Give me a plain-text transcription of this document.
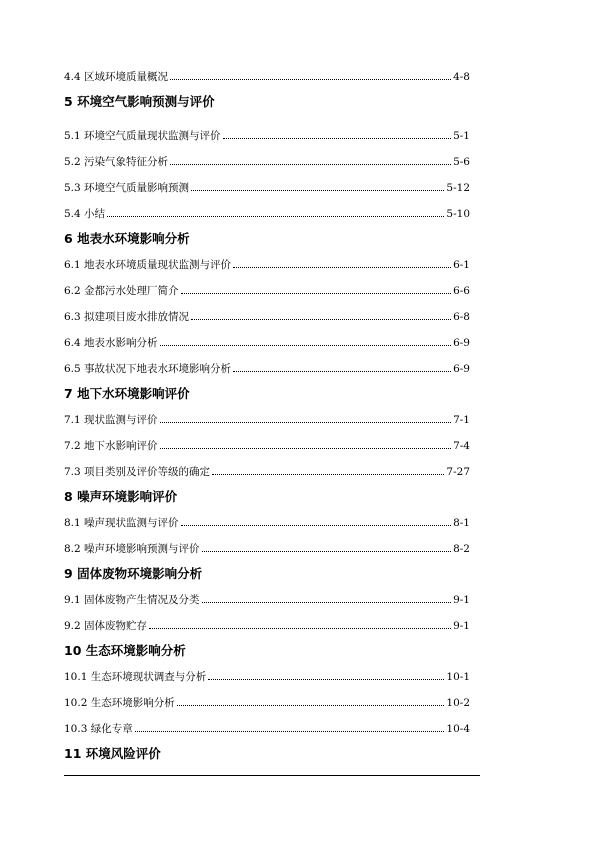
4.4 区域环境质量概况	4-8
5 环境空气影响预测与评价
5.1 环境空气质量现状监测与评价	5-1
5.2 污染气象特征分析	5-6
5.3 环境空气质量影响预测	5-12
5.4 小结	5-10
6 地表水环境影响分析
6.1 地表水环境质量现状监测与评价	6-1
6.2 金都污水处理厂简介	6-6
6.3 拟建项目废水排放情况	6-8
6.4 地表水影响分析	6-9
6.5 事故状况下地表水环境影响分析	6-9
7 地下水环境影响评价
7.1 现状监测与评价	7-1
7.2 地下水影响评价	7-4
7.3 项目类别及评价等级的确定	7-27
8 噪声环境影响评价
8.1 噪声现状监测与评价	8-1
8.2 噪声环境影响预测与评价	8-2
9 固体废物环境影响分析
9.1 固体废物产生情况及分类	9-1
9.2 固体废物贮存	9-1
10 生态环境影响分析
10.1 生态环境现状调查与分析	10-1
10.2 生态环境影响分析	10-2
10.3 绿化专章	10-4
11 环境风险评价
